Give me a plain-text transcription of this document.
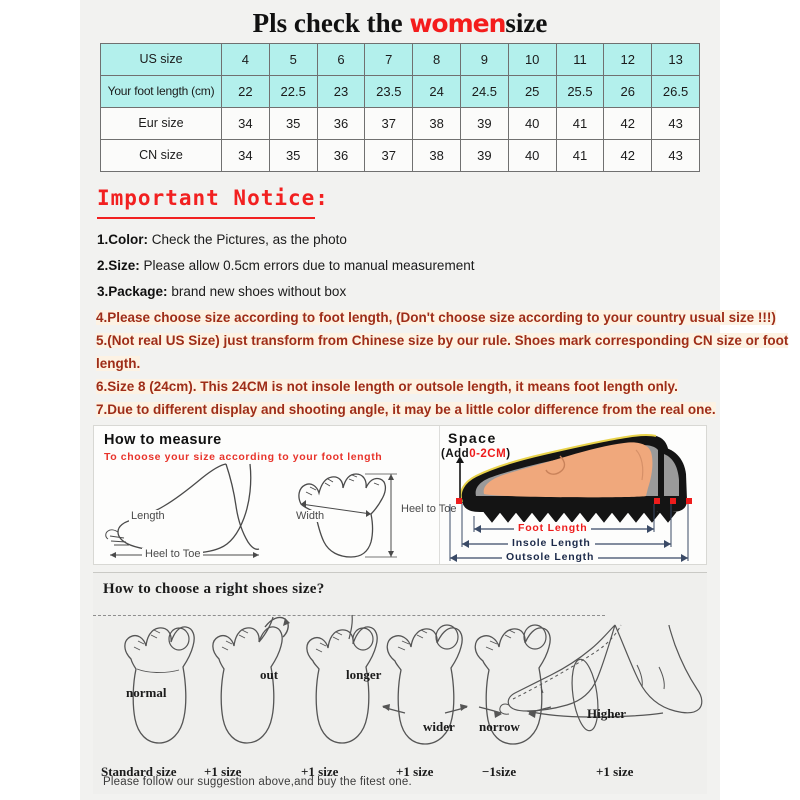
Pls check the womensize
US size	4	5	6	7	8	9	10	11	12	13
Your foot length (cm)	22	22.5	23	23.5	24	24.5	25	25.5	26	26.5
Eur size	34	35	36	37	38	39	40	41	42	43
CN size	34	35	36	37	38	39	40	41	42	43
Important Notice:
1.Color: Check the Pictures, as the photo
2.Size: Please allow 0.5cm errors due to manual measurement
3.Package: brand new shoes without box
4.Please choose size according to foot length, (Don't choose size according to your country usual size !!!)
5.(Not real US Size) just transform from Chinese size by our rule. Shoes mark corresponding CN size or foot
length.
6.Size 8 (24cm). This 24CM is not insole length or outsole length, it means foot length only.
7.Due to different display and shooting angle, it may be a little color difference from the real one.
How to measure
To choose your size according to your foot length
Length
Heel to Toe
Width
Heel to Toe
Space
(Add0-2CM)
Foot Length
Insole Length
Outsole Length
How to choose a right shoes size?
normal
Standard size
out
+1 size
longer
+1 size
wider
+1 size
norrow
−1size
Higher
+1 size
Please follow our suggestion above,and buy the fitest one.
